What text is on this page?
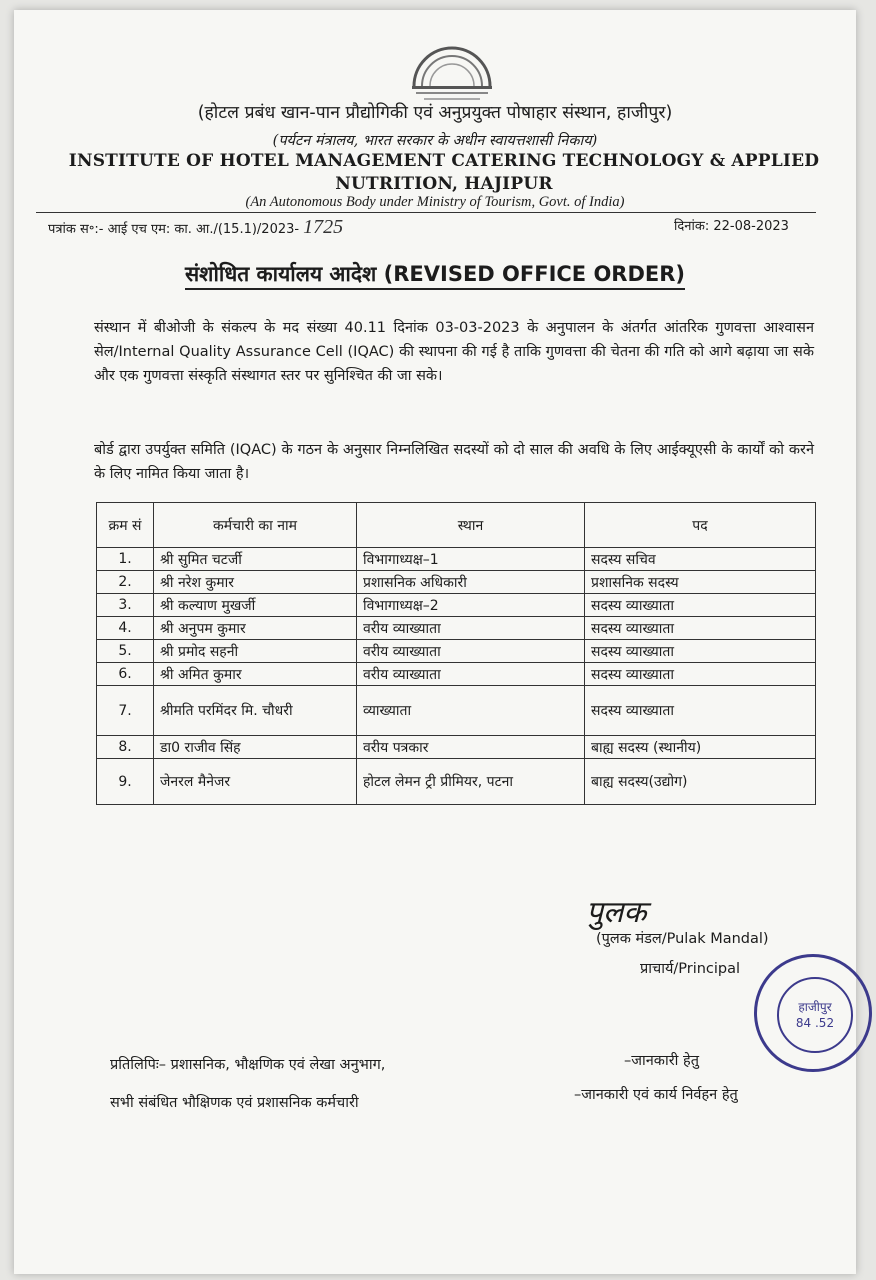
(होटल प्रबंध खान-पान प्रौद्योगिकी एवं अनुप्रयुक्त पोषाहार संस्थान, हाजीपुर)
(पर्यटन मंत्रालय, भारत सरकार के अधीन स्वायत्तशासी निकाय)
INSTITUTE OF HOTEL MANAGEMENT CATERING TECHNOLOGY & APPLIED NUTRITION, HAJIPUR
(An Autonomous Body under Ministry of Tourism, Govt. of India)
पत्रांक स॰:- आई एच एम: का. आ./(15.1)/2023- 1725	दिनांक: 22-08-2023
संशोधित कार्यालय आदेश (REVISED OFFICE ORDER)
संस्थान में बीओजी के संकल्प के मद संख्या 40.11 दिनांक 03-03-2023 के अनुपालन के अंतर्गत आंतरिक गुणवत्ता आश्वासन सेल/Internal Quality Assurance Cell (IQAC) की स्थापना की गई है ताकि गुणवत्ता की चेतना की गति को आगे बढ़ाया जा सके और एक गुणवत्ता संस्कृति संस्थागत स्तर पर सुनिश्चित की जा सके।
बोर्ड द्वारा उपर्युक्त समिति (IQAC) के गठन के अनुसार निम्नलिखित सदस्यों को दो साल की अवधि के लिए आईक्यूएसी के कार्यों को करने के लिए नामित किया जाता है।
क्रम सं	कर्मचारी का नाम	स्थान	पद
1.	श्री सुमित चटर्जी	विभागाध्यक्ष–1	सदस्य सचिव
2.	श्री नरेश कुमार	प्रशासनिक अधिकारी	प्रशासनिक सदस्य
3.	श्री कल्याण मुखर्जी	विभागाध्यक्ष–2	सदस्य व्याख्याता
4.	श्री अनुपम कुमार	वरीय व्याख्याता	सदस्य व्याख्याता
5.	श्री प्रमोद सहनी	वरीय व्याख्याता	सदस्य व्याख्याता
6.	श्री अमित कुमार	वरीय व्याख्याता	सदस्य व्याख्याता
7.	श्रीमति परमिंदर मि. चौधरी	व्याख्याता	सदस्य व्याख्याता
8.	डा0 राजीव सिंह	वरीय पत्रकार	बाह्य सदस्य (स्थानीय)
9.	जेनरल मैनेजर	होटल लेमन ट्री प्रीमियर, पटना	बाह्य सदस्य(उद्योग)
पुलक
(पुलक मंडल/Pulak Mandal)
प्राचार्य/Principal
हाजीपुर
84 .52
प्रतिलिपिः– प्रशासनिक, भौक्षणिक एवं लेखा अनुभाग,
सभी संबंधित भौक्षिणक एवं प्रशासनिक कर्मचारी
–जानकारी हेतु
–जानकारी एवं कार्य निर्वहन हेतु
